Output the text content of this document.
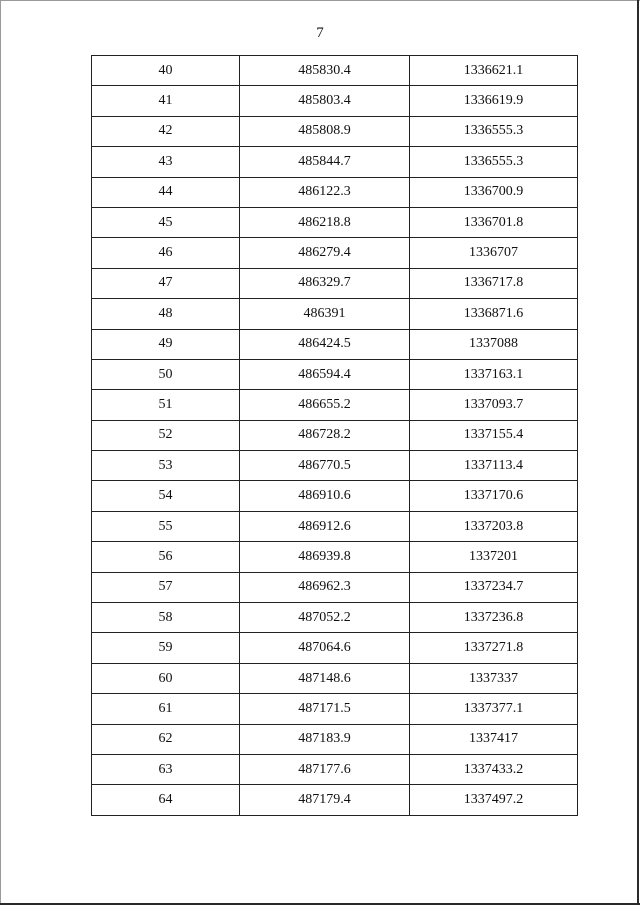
7
40	485830.4	1336621.1
41	485803.4	1336619.9
42	485808.9	1336555.3
43	485844.7	1336555.3
44	486122.3	1336700.9
45	486218.8	1336701.8
46	486279.4	1336707
47	486329.7	1336717.8
48	486391	1336871.6
49	486424.5	1337088
50	486594.4	1337163.1
51	486655.2	1337093.7
52	486728.2	1337155.4
53	486770.5	1337113.4
54	486910.6	1337170.6
55	486912.6	1337203.8
56	486939.8	1337201
57	486962.3	1337234.7
58	487052.2	1337236.8
59	487064.6	1337271.8
60	487148.6	1337337
61	487171.5	1337377.1
62	487183.9	1337417
63	487177.6	1337433.2
64	487179.4	1337497.2
